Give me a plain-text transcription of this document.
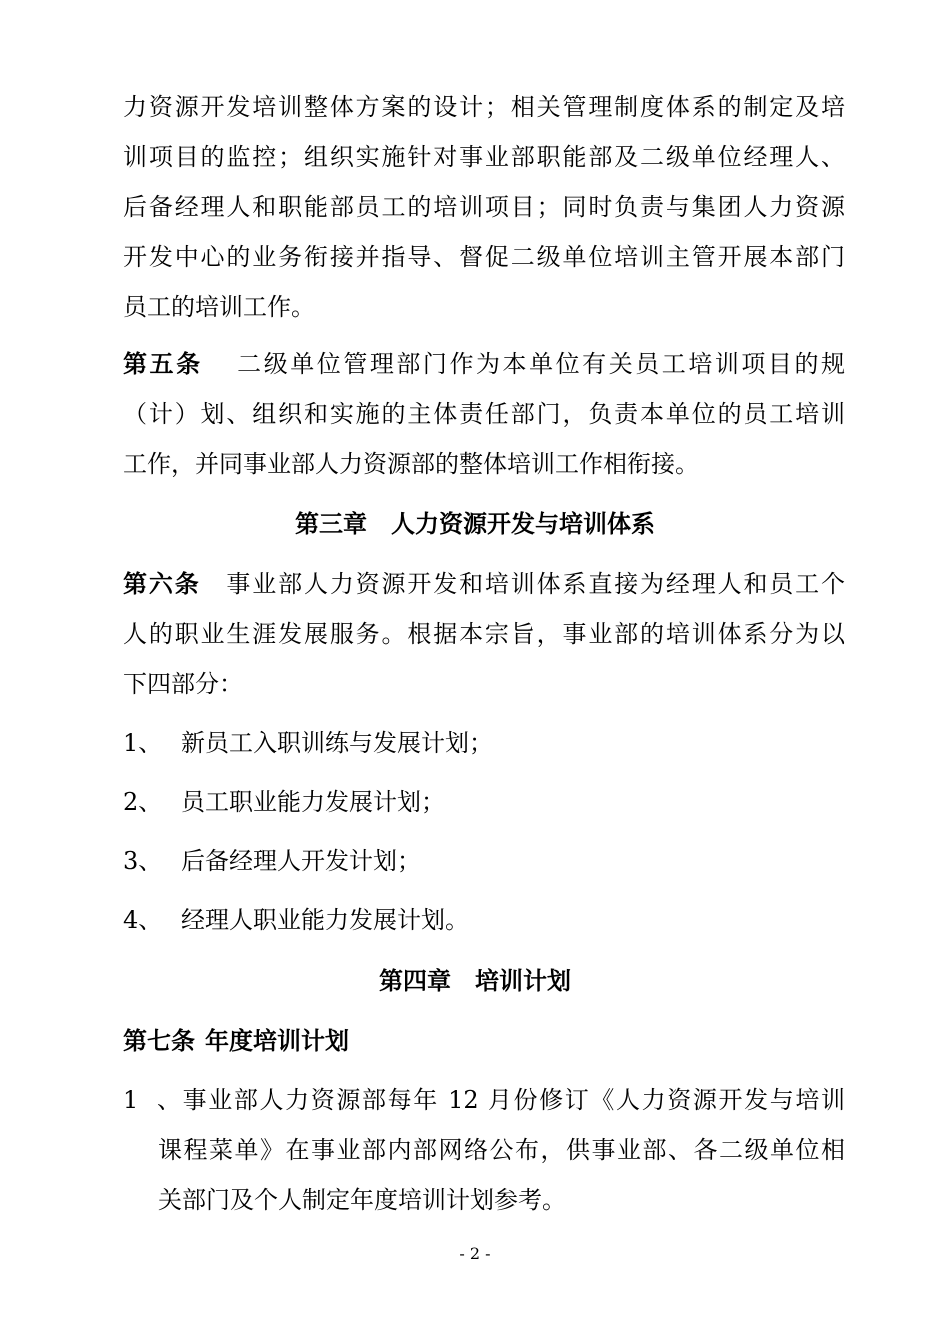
力资源开发培训整体方案的设计；相关管理制度体系的制定及培
训项目的监控；组织实施针对事业部职能部及二级单位经理人、
后备经理人和职能部员工的培训项目；同时负责与集团人力资源
开发中心的业务衔接并指导、督促二级单位培训主管开展本部门
员工的培训工作。
第五条 二级单位管理部门作为本单位有关员工培训项目的规
（计）划、组织和实施的主体责任部门，负责本单位的员工培训
工作，并同事业部人力资源部的整体培训工作相衔接。
第三章 人力资源开发与培训体系
第六条 事业部人力资源开发和培训体系直接为经理人和员工个
人的职业生涯发展服务。根据本宗旨，事业部的培训体系分为以
下四部分：
1、 新员工入职训练与发展计划；
2、 员工职业能力发展计划；
3、 后备经理人开发计划；
4、 经理人职业能力发展计划。
第四章 培训计划
第七条 年度培训计划
1、事业部人力资源部每年 12 月份修订《人力资源开发与培训
课程菜单》在事业部内部网络公布，供事业部、各二级单位相
关部门及个人制定年度培训计划参考。
- 2 -
